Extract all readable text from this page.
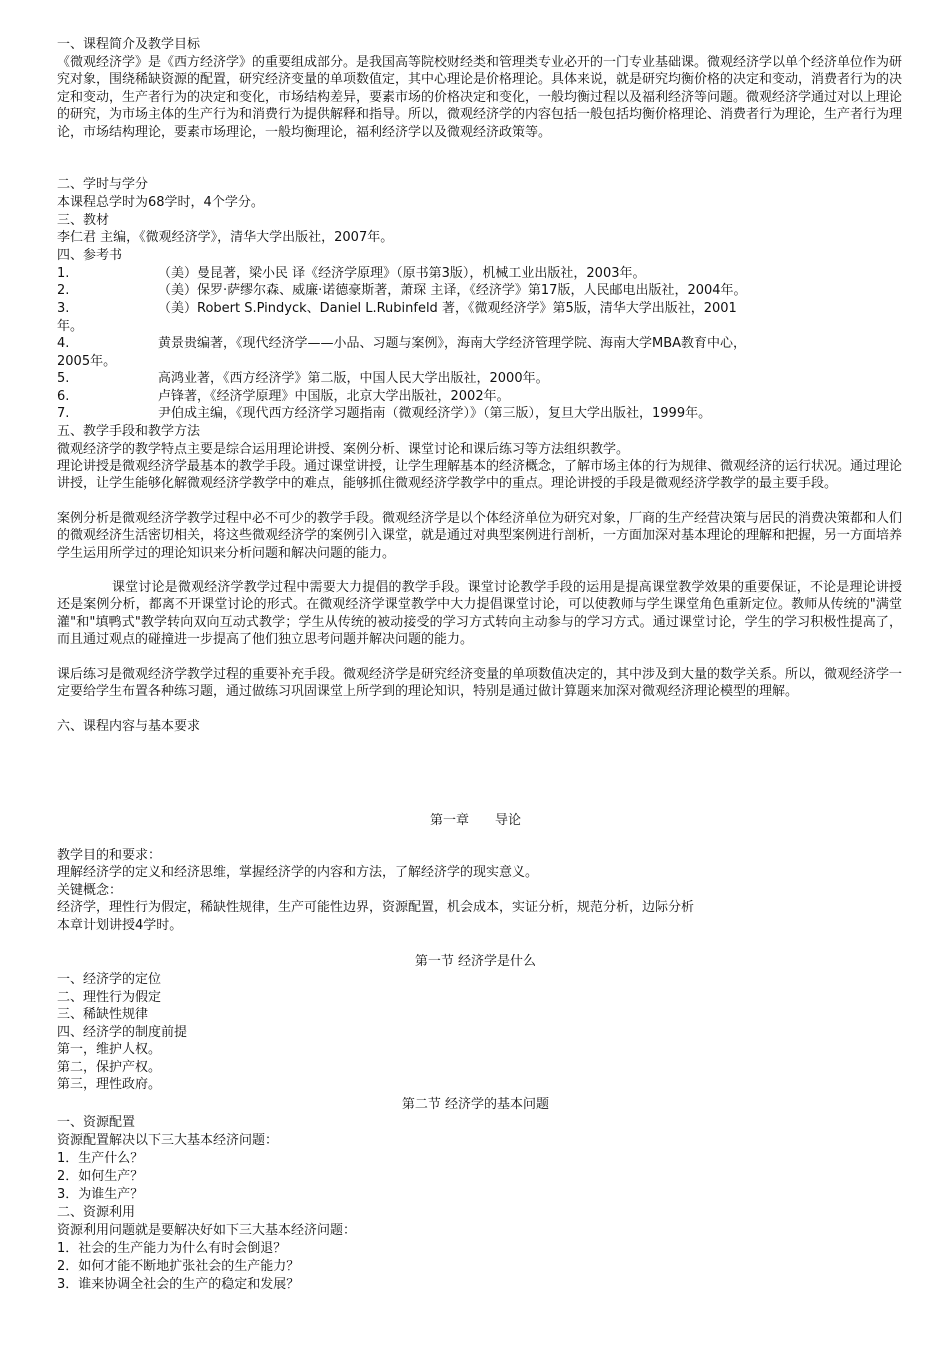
一、课程简介及教学目标
《微观经济学》是《西方经济学》的重要组成部分。是我国高等院校财经类和管理类专业必开的一门专业基础课。微观经济学以单个经济单位作为研究对象，围绕稀缺资源的配置，研究经济变量的单项数值定，其中心理论是价格理论。具体来说，就是研究均衡价格的决定和变动，消费者行为的决定和变动，生产者行为的决定和变化，市场结构差异，要素市场的价格决定和变化，一般均衡过程以及福利经济等问题。微观经济学通过对以上理论的研究，为市场主体的生产行为和消费行为提供解释和指导。所以，微观经济学的内容包括一般包括均衡价格理论、消费者行为理论，生产者行为理论，市场结构理论，要素市场理论，一般均衡理论，福利经济学以及微观经济政策等。
二、学时与学分
本课程总学时为68学时，4个学分。
三、教材
李仁君 主编，《微观经济学》，清华大学出版社，2007年。
四、参考书
1.	（美）曼昆著，梁小民 译《经济学原理》（原书第3版），机械工业出版社，2003年。
2.	（美）保罗·萨缪尔森、威廉·诺德豪斯著，萧琛 主译，《经济学》第17版，人民邮电出版社，2004年。
3.	（美）Robert S.Pindyck、Daniel L.Rubinfeld 著，《微观经济学》第5版，清华大学出版社，2001
年。
4.	黄景贵编著，《现代经济学——小品、习题与案例》，海南大学经济管理学院、海南大学MBA教育中心，
2005年。
5.	高鸿业著，《西方经济学》第二版，中国人民大学出版社，2000年。
6.	卢锋著，《经济学原理》中国版，北京大学出版社，2002年。
7.	尹伯成主编，《现代西方经济学习题指南（微观经济学）》（第三版），复旦大学出版社，1999年。
五、教学手段和教学方法
微观经济学的教学特点主要是综合运用理论讲授、案例分析、课堂讨论和课后练习等方法组织教学。
理论讲授是微观经济学最基本的教学手段。通过课堂讲授，让学生理解基本的经济概念，了解市场主体的行为规律、微观经济的运行状况。通过理论讲授，让学生能够化解微观经济学教学中的难点，能够抓住微观经济学教学中的重点。理论讲授的手段是微观经济学教学的最主要手段。
案例分析是微观经济学教学过程中必不可少的教学手段。微观经济学是以个体经济单位为研究对象，厂商的生产经营决策与居民的消费决策都和人们的微观经济生活密切相关，将这些微观经济学的案例引入课堂，就是通过对典型案例进行剖析，一方面加深对基本理论的理解和把握，另一方面培养学生运用所学过的理论知识来分析问题和解决问题的能力。
课堂讨论是微观经济学教学过程中需要大力提倡的教学手段。课堂讨论教学手段的运用是提高课堂教学效果的重要保证，不论是理论讲授还是案例分析，都离不开课堂讨论的形式。在微观经济学课堂教学中大力提倡课堂讨论，可以使教师与学生课堂角色重新定位。教师从传统的"满堂灌"和"填鸭式"教学转向双向互动式教学；学生从传统的被动接受的学习方式转向主动参与的学习方式。通过课堂讨论，学生的学习积极性提高了，而且通过观点的碰撞进一步提高了他们独立思考问题并解决问题的能力。
课后练习是微观经济学教学过程的重要补充手段。微观经济学是研究经济变量的单项数值决定的，其中涉及到大量的数学关系。所以，微观经济学一定要给学生布置各种练习题，通过做练习巩固课堂上所学到的理论知识，特别是通过做计算题来加深对微观经济理论模型的理解。
六、课程内容与基本要求
第一章　　导论
教学目的和要求：
理解经济学的定义和经济思维，掌握经济学的内容和方法，了解经济学的现实意义。
关键概念：
经济学，理性行为假定，稀缺性规律，生产可能性边界，资源配置，机会成本，实证分析，规范分析，边际分析
本章计划讲授4学时。
第一节 经济学是什么
一、经济学的定位
二、理性行为假定
三、稀缺性规律
四、经济学的制度前提
第一，维护人权。
第二，保护产权。
第三，理性政府。
第二节 经济学的基本问题
一、资源配置
资源配置解决以下三大基本经济问题：
1．生产什么？
2．如何生产？
3．为谁生产？
二、资源利用
资源利用问题就是要解决好如下三大基本经济问题：
1．社会的生产能力为什么有时会倒退？
2．如何才能不断地扩张社会的生产能力？
3．谁来协调全社会的生产的稳定和发展？
